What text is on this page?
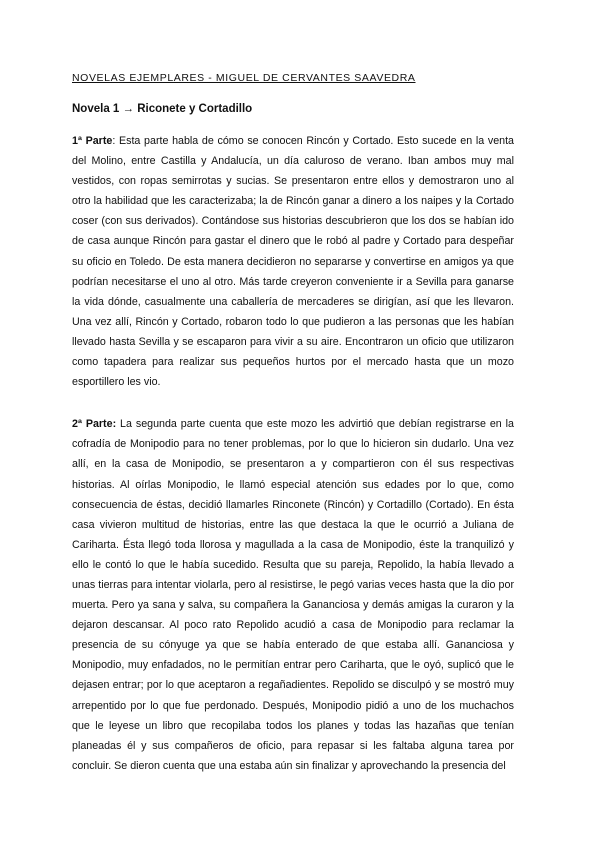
NOVELAS EJEMPLARES - MIGUEL DE CERVANTES SAAVEDRA
Novela 1 → Riconete y Cortadillo

1ª Parte: Esta parte habla de cómo se conocen Rincón y Cortado. Esto sucede en la venta del Molino, entre Castilla y Andalucía, un día caluroso de verano. Iban ambos muy mal vestidos, con ropas semirrotas y sucias. Se presentaron entre ellos y demostraron uno al otro la habilidad que les caracterizaba; la de Rincón ganar a dinero a los naipes y la Cortado coser (con sus derivados). Contándose sus historias descubrieron que los dos se habían ido de casa aunque Rincón para gastar el dinero que le robó al padre y Cortado para despeñar su oficio en Toledo. De esta manera decidieron no separarse y convertirse en amigos ya que podrían necesitarse el uno al otro. Más tarde creyeron conveniente ir a Sevilla para ganarse la vida dónde, casualmente una caballería de mercaderes se dirigían, así que les llevaron. Una vez allí, Rincón y Cortado, robaron todo lo que pudieron a las personas que les habían llevado hasta Sevilla y se escaparon para vivir a su aire. Encontraron un oficio que utilizaron como tapadera para realizar sus pequeños hurtos por el mercado hasta que un mozo esportillero les vio.

2ª Parte: La segunda parte cuenta que este mozo les advirtió que debían registrarse en la cofradía de Monipodio para no tener problemas, por lo que lo hicieron sin dudarlo. Una vez allí, en la casa de Monipodio, se presentaron a y compartieron con él sus respectivas historias. Al oírlas Monipodio, le llamó especial atención sus edades por lo que, como consecuencia de éstas, decidió llamarles Rinconete (Rincón) y Cortadillo (Cortado). En ésta casa vivieron multitud de historias, entre las que destaca la que le ocurrió a Juliana de Cariharta. Ésta llegó toda llorosa y magullada a la casa de Monipodio, éste la tranquilizó y ello le contó lo que le había sucedido. Resulta que su pareja, Repolido, la había llevado a unas tierras para intentar violarla, pero al resistirse, le pegó varias veces hasta que la dio por muerta. Pero ya sana y salva, su compañera la Gananciosa y demás amigas la curaron y la dejaron descansar. Al poco rato Repolido acudió a casa de Monipodio para reclamar la presencia de su cónyuge ya que se había enterado de que estaba allí. Gananciosa y Monipodio, muy enfadados, no le permitían entrar pero Cariharta, que le oyó, suplicó que le dejasen entrar; por lo que aceptaron a regañadientes. Repolido se disculpó y se mostró muy arrepentido por lo que fue perdonado. Después, Monipodio pidió a uno de los muchachos que le leyese un libro que recopilaba todos los planes y todas las hazañas que tenían planeadas él y sus compañeros de oficio, para repasar si les faltaba alguna tarea por concluir. Se dieron cuenta que una estaba aún sin finalizar y aprovechando la presencia del
